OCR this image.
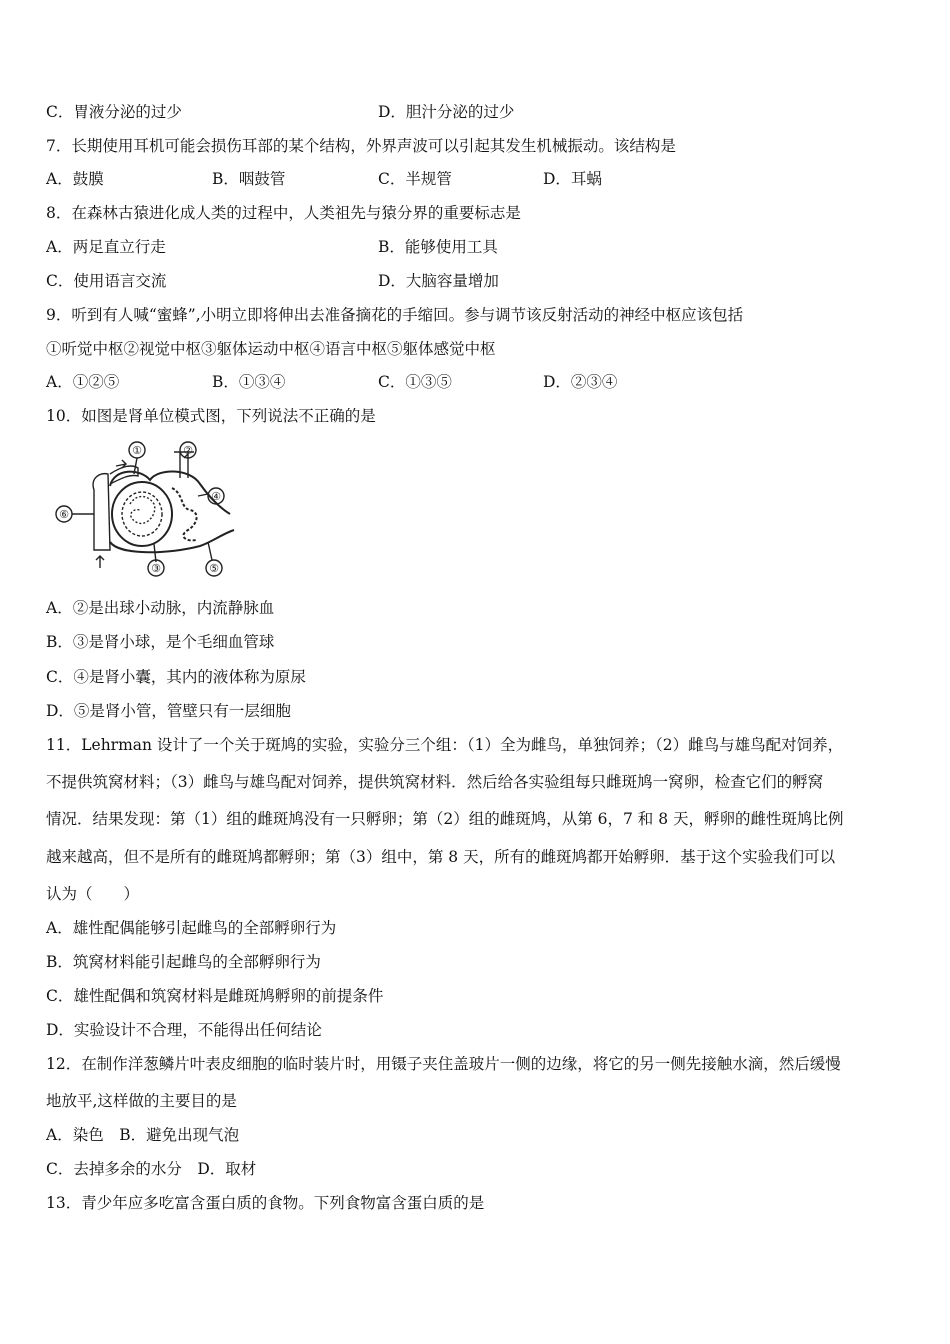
C．胃液分泌的过少	D．胆汁分泌的过少
7．长期使用耳机可能会损伤耳部的某个结构，外界声波可以引起其发生机械振动。该结构是
A．鼓膜	B．咽鼓管	C．半规管	D．耳蜗
8．在森林古猿进化成人类的过程中，人类祖先与猿分界的重要标志是
A．两足直立行走	B．能够使用工具
C．使用语言交流	D．大脑容量增加
9．听到有人喊“蜜蜂”,小明立即将伸出去准备摘花的手缩回。参与调节该反射活动的神经中枢应该包括
①听觉中枢②视觉中枢③躯体运动中枢④语言中枢⑤躯体感觉中枢
A．①②⑤	B．①③④	C．①③⑤	D．②③④
10．如图是肾单位模式图，下列说法不正确的是
①	②
③
④
⑤
⑥
A．②是出球小动脉，内流静脉血
B．③是肾小球，是个毛细血管球
C．④是肾小囊，其内的液体称为原尿
D．⑤是肾小管，管壁只有一层细胞
11．Lehrman 设计了一个关于斑鸠的实验，实验分三个组：（1）全为雌鸟，单独饲养；（2）雌鸟与雄鸟配对饲养，
不提供筑窝材料；（3）雌鸟与雄鸟配对饲养，提供筑窝材料．然后给各实验组每只雌斑鸠一窝卵，检查它们的孵窝
情况．结果发现：第（1）组的雌斑鸠没有一只孵卵；第（2）组的雌斑鸠，从第 6，7 和 8 天，孵卵的雌性斑鸠比例
越来越高，但不是所有的雌斑鸠都孵卵；第（3）组中，第 8 天，所有的雌斑鸠都开始孵卵．基于这个实验我们可以
认为（　　）
A．雄性配偶能够引起雌鸟的全部孵卵行为
B．筑窝材料能引起雌鸟的全部孵卵行为
C．雄性配偶和筑窝材料是雌斑鸠孵卵的前提条件
D．实验设计不合理，不能得出任何结论
12．在制作洋葱鳞片叶表皮细胞的临时装片时，用镊子夹住盖玻片一侧的边缘，将它的另一侧先接触水滴，然后缓慢
地放平,这样做的主要目的是
A．染色　B．避免出现气泡
C．去掉多余的水分　D．取材
13．青少年应多吃富含蛋白质的食物。下列食物富含蛋白质的是
